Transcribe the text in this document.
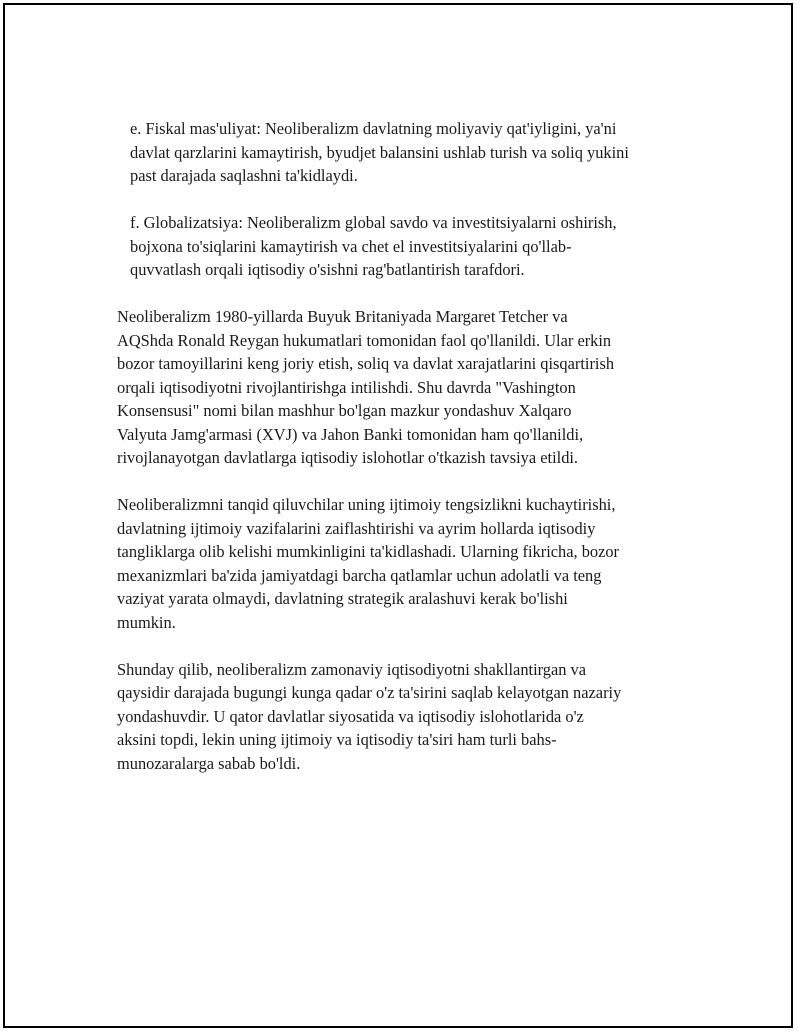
e. Fiskal mas'uliyat: Neoliberalizm davlatning moliyaviy qat'iyligini, ya'ni
davlat qarzlarini kamaytirish, byudjet balansini ushlab turish va soliq yukini
past darajada saqlashni ta'kidlaydi.

f. Globalizatsiya: Neoliberalizm global savdo va investitsiyalarni oshirish,
bojxona to'siqlarini kamaytirish va chet el investitsiyalarini qo'llab-
quvvatlash orqali iqtisodiy o'sishni rag'batlantirish tarafdori.

Neoliberalizm 1980-yillarda Buyuk Britaniyada Margaret Tetcher va
AQShda Ronald Reygan hukumatlari tomonidan faol qo'llanildi. Ular erkin
bozor tamoyillarini keng joriy etish, soliq va davlat xarajatlarini qisqartirish
orqali iqtisodiyotni rivojlantirishga intilishdi. Shu davrda "Vashington
Konsensusi" nomi bilan mashhur bo'lgan mazkur yondashuv Xalqaro
Valyuta Jamg'armasi (XVJ) va Jahon Banki tomonidan ham qo'llanildi,
rivojlanayotgan davlatlarga iqtisodiy islohotlar o'tkazish tavsiya etildi.

Neoliberalizmni tanqid qiluvchilar uning ijtimoiy tengsizlikni kuchaytirishi,
davlatning ijtimoiy vazifalarini zaiflashtirishi va ayrim hollarda iqtisodiy
tangliklarga olib kelishi mumkinligini ta'kidlashadi. Ularning fikricha, bozor
mexanizmlari ba'zida jamiyatdagi barcha qatlamlar uchun adolatli va teng
vaziyat yarata olmaydi, davlatning strategik aralashuvi kerak bo'lishi
mumkin.

Shunday qilib, neoliberalizm zamonaviy iqtisodiyotni shakllantirgan va
qaysidir darajada bugungi kunga qadar o'z ta'sirini saqlab kelayotgan nazariy
yondashuvdir. U qator davlatlar siyosatida va iqtisodiy islohotlarida o'z
aksini topdi, lekin uning ijtimoiy va iqtisodiy ta'siri ham turli bahs-
munozaralarga sabab bo'ldi.
